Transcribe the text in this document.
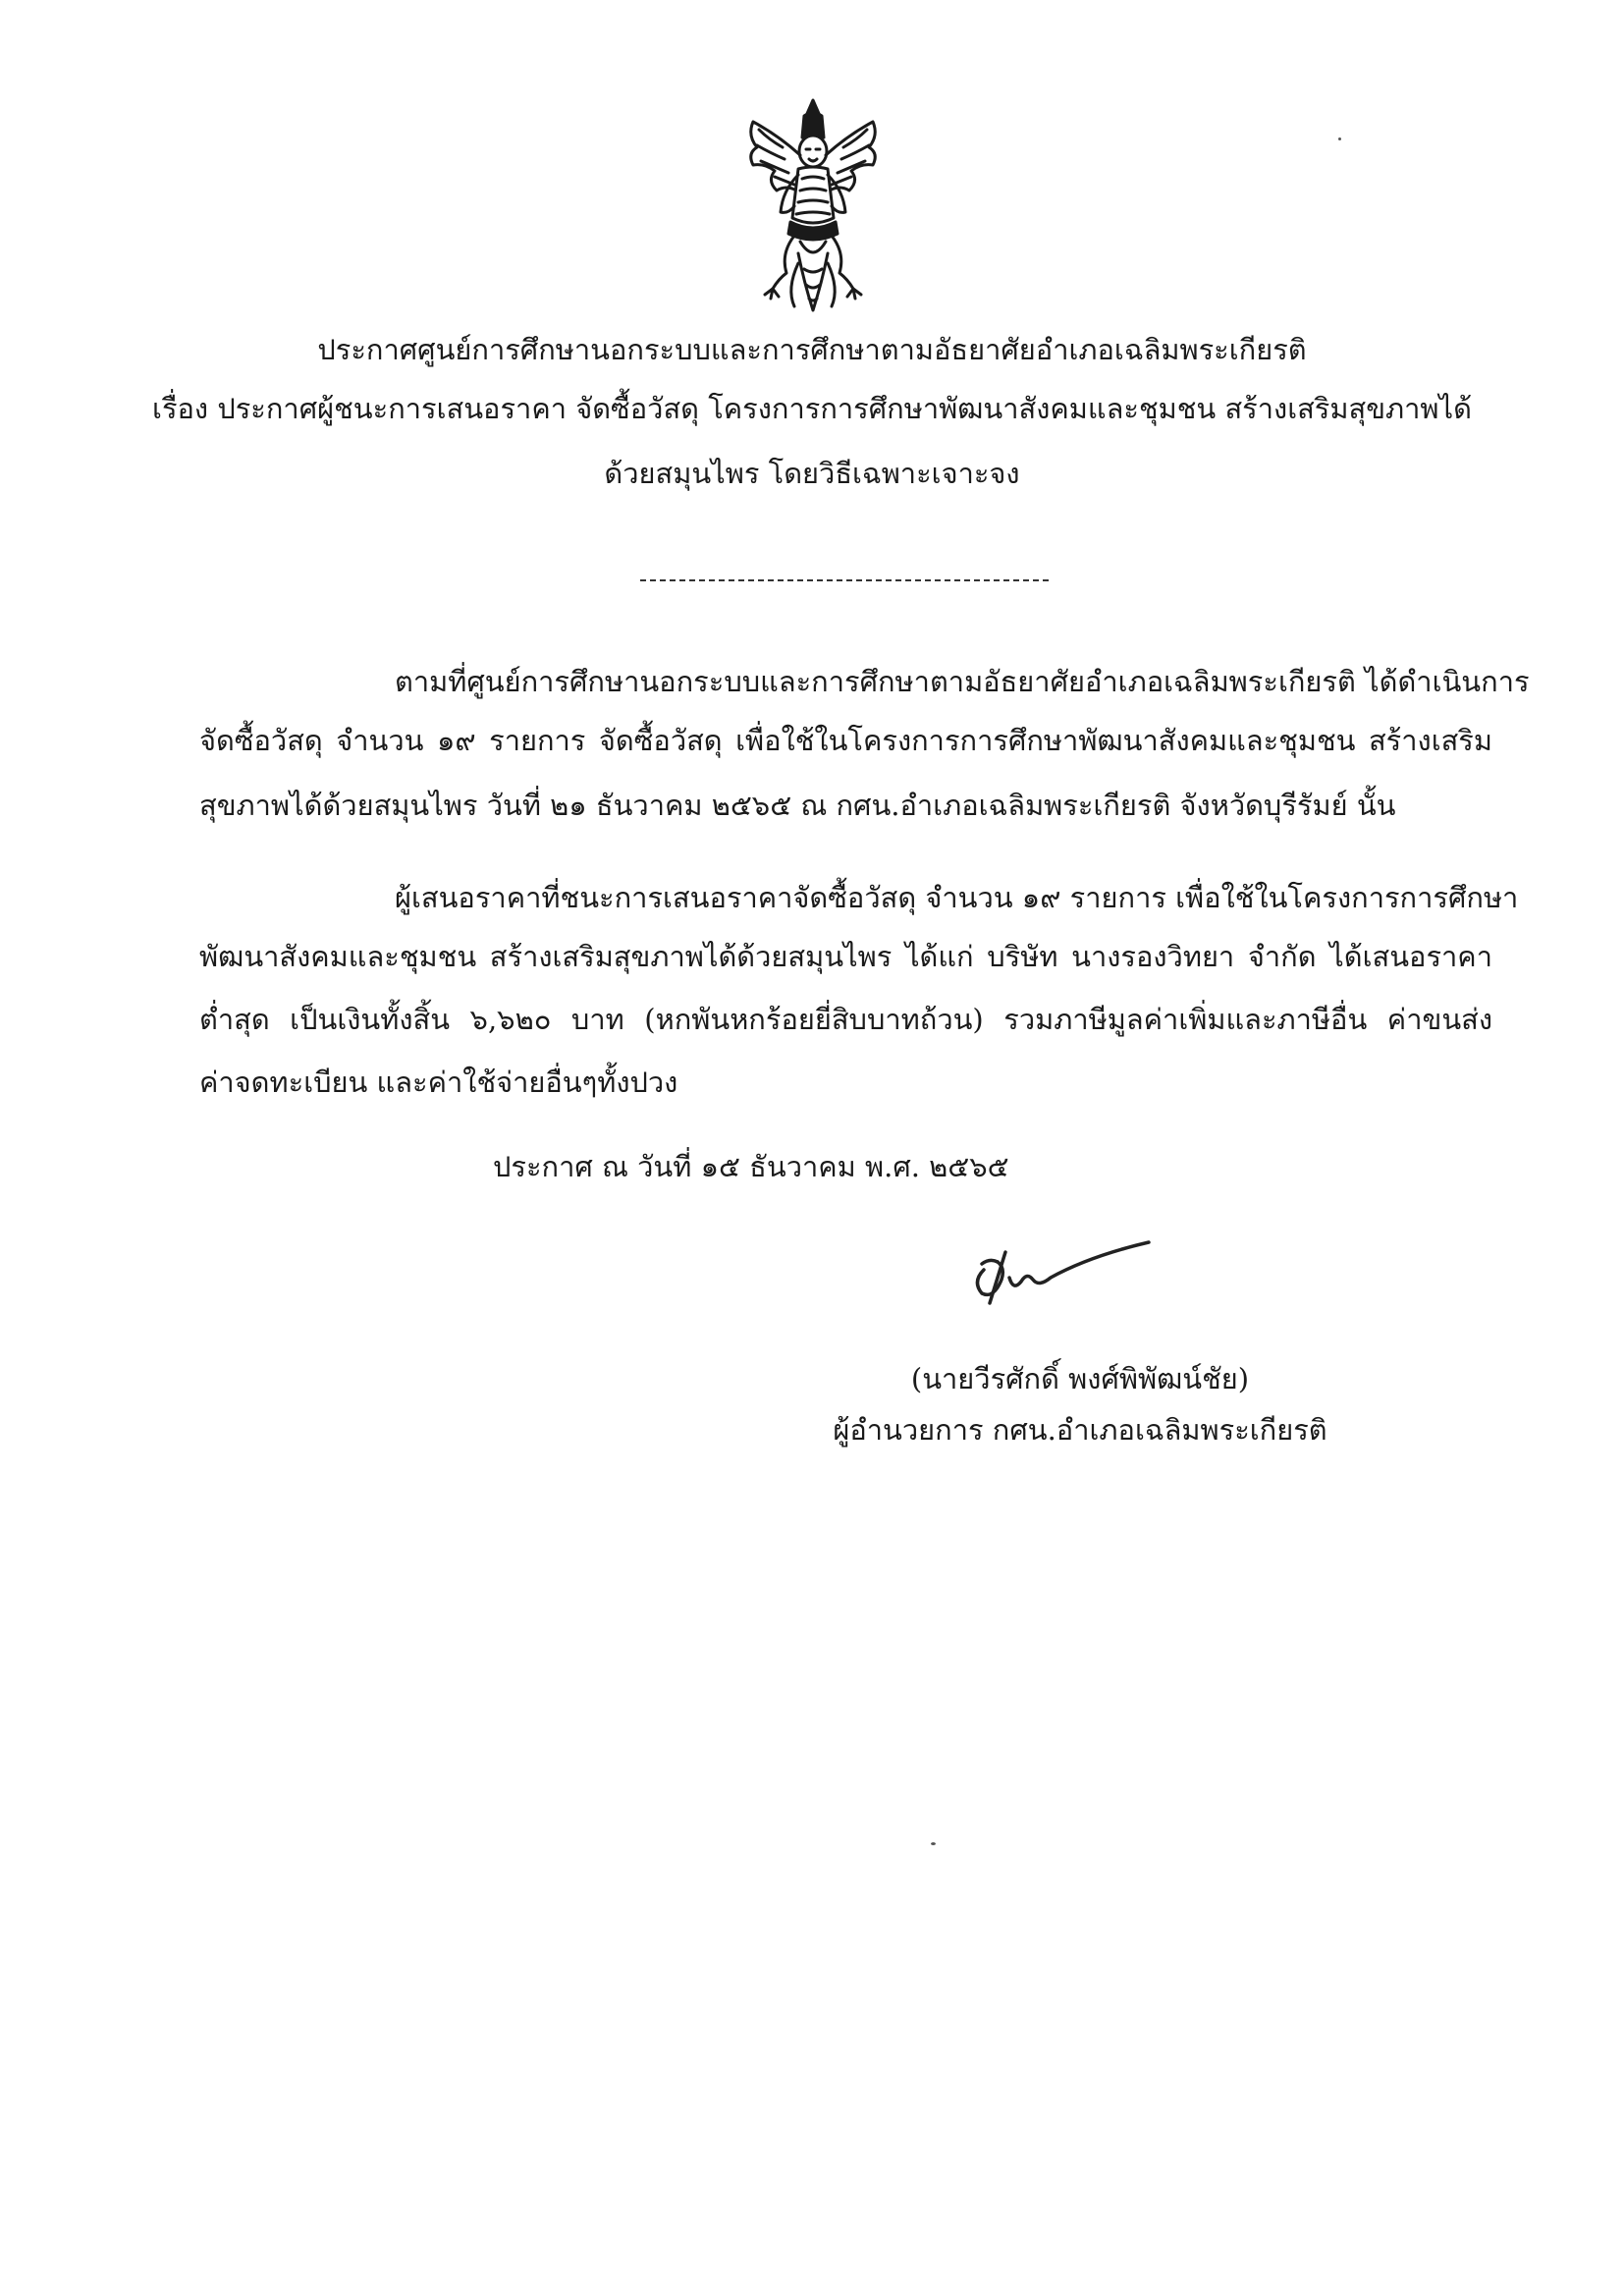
ประกาศศูนย์การศึกษานอกระบบและการศึกษาตามอัธยาศัยอำเภอเฉลิมพระเกียรติ
เรื่อง ประกาศผู้ชนะการเสนอราคา จัดซื้อวัสดุ โครงการการศึกษาพัฒนาสังคมและชุมชน สร้างเสริมสุขภาพได้
ด้วยสมุนไพร โดยวิธีเฉพาะเจาะจง
ตามที่ศูนย์การศึกษานอกระบบและการศึกษาตามอัธยาศัยอำเภอเฉลิมพระเกียรติ ได้ดำเนินการ
จัดซื้อวัสดุ จำนวน ๑๙ รายการ จัดซื้อวัสดุ เพื่อใช้ในโครงการการศึกษาพัฒนาสังคมและชุมชน สร้างเสริม
สุขภาพได้ด้วยสมุนไพร วันที่ ๒๑ ธันวาคม ๒๕๖๕ ณ กศน.อำเภอเฉลิมพระเกียรติ จังหวัดบุรีรัมย์ นั้น
ผู้เสนอราคาที่ชนะการเสนอราคาจัดซื้อวัสดุ จำนวน ๑๙ รายการ เพื่อใช้ในโครงการการศึกษา
พัฒนาสังคมและชุมชน สร้างเสริมสุขภาพได้ด้วยสมุนไพร ได้แก่ บริษัท นางรองวิทยา จำกัด ได้เสนอราคา
ต่ำสุด เป็นเงินทั้งสิ้น ๖,๖๒๐ บาท (หกพันหกร้อยยี่สิบบาทถ้วน) รวมภาษีมูลค่าเพิ่มและภาษีอื่น ค่าขนส่ง
ค่าจดทะเบียน และค่าใช้จ่ายอื่นๆทั้งปวง
ประกาศ ณ วันที่ ๑๕ ธันวาคม พ.ศ. ๒๕๖๕
(นายวีรศักดิ์ พงศ์พิพัฒน์ชัย)
ผู้อำนวยการ กศน.อำเภอเฉลิมพระเกียรติ
